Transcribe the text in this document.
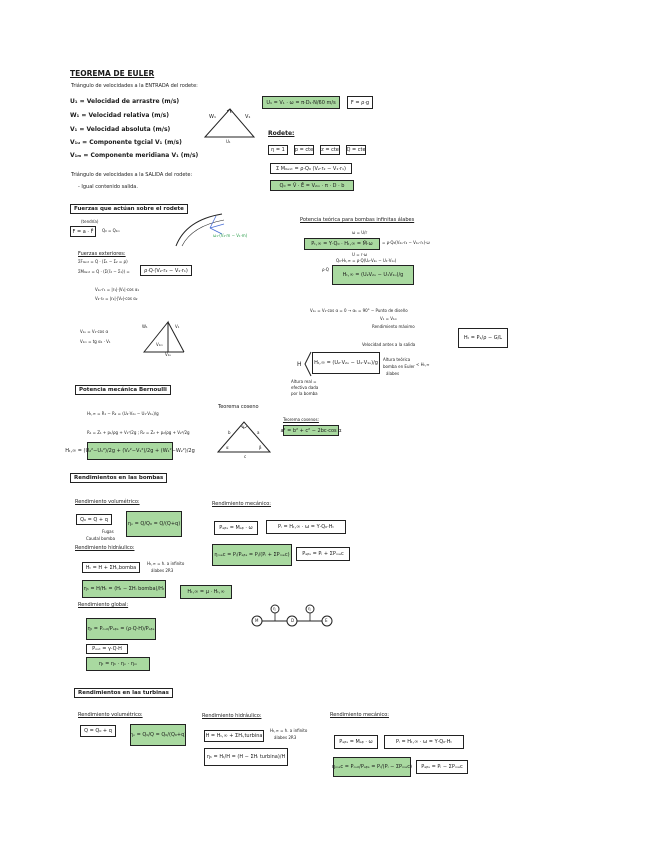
TEOREMA DE EULER
Triángulo de velocidades a la ENTRADA del rodete:
U₁ = Velocidad de arrastre (m/s)
W₁ = Velocidad relativa (m/s)
V₁ = Velocidad absoluta (m/s)
V₁ᵤ = Componente tgcial V₁ (m/s)
V₁ₘ = Componente meridiana V₁ (m/s)
W₁	V₁
U₁
U₁ = V₁ · ω = π·D₁·N/60 m/s	F = ρ·g
Rodete:
η = 1	p = cte z = cte Q = cte
Σ M₀ₑₓₜ = ρ·Q₀ (V₂·r₂ − V₁·r₁)
Q₀ = V̄ · Ē = V₂ₘ · π · D · b
Triángulo de velocidades a la SALIDA del rodete:
- Igual contenido salida.
Fuerzas que actúan sobre el rodete
(tendría)
F = a · F̄	Q₀ = Q₁ₘ
ω₁·(V₂·m − V₁·m)
Fuerzas exteriores:
ΣF₀ₑₓₜ = Q · (Σ₁ − Σ₂ = ρ)
ΣM₀ₑₓₜ = Q · (Σ(r̄₂ − Σ₁)) =	ρ·Q·(V₂·r₂ − V₁·r₁)
V₁ᵤ·r₁ = |r₁|·|V₁|·cos α₁
V₂·r₂ = |r₂|·|V₂|·cos α₂
V₁ᵤ = V₁·cos α
V₁ₘ = tg α₁ · V₁
W₁	V₁
V₁ₘ
V₁ᵤ
Potencia mecánica Bernoulli
Hₜ,∞ = R₁ − R₂ = (U₂·V₂ᵤ − U₁·V₁ᵤ)/g
R₁ = Z₁ + p₁/ρg + V₁²/2g ; R₂ = Z₂ + p₂/ρg + V₂²/2g
Hₜ,∞ = (U₂²−U₁²)/2g + (V₂²−V₁²)/2g + (W₁²−W₂²)/2g
Teorema coseno
b	a
c
α	β
γ
Teorema cosenos:
a² = b² + c² − 2bc·cos α
Potencia teórica para bombas infinitas álabes
ω = U/r
Pₜ,∞ = Y·Q₀ · Hₜ,∞ = M̄·ω	= ρ·Q₀(V₂ᵤ·r₂ − V₁ᵤ·r₁)·ω
U = r·ω
Q₀·Hₜ,∞ = ρ·Q(U₂·V₂ᵤ − U₁·V₁ᵤ)
ρ·Q
Hₜ,∞ = (U₂V₂ᵤ − U₁V₁ᵤ)/g
V₁ᵤ = V₁·cos α = 0 → α₁ = 90° − Punto de diseño
V₁ = V₁ₘ
Rendimiento máximo
Hₜ = P₁/ρ − G/L
Velocidad antes a la salida
H	Hₜ,∞ = (U₂·V₂ᵤ − U₁·V₁ᵤ)/g
Altura teórica
bomba en Euler
álabes
< Hₜ,∞
Altura real =
efectiva dada
por la bomba
Rendimientos en las bombas
Rendimiento volumétrico:
Q₀ = Q + q
Fugas
Caudal bomba
ηᵥ = Q/Q₀ = Q/(Q+q)
Rendimiento hidráulico:
Hₜ = H + ΣHᵢ,bomba
Hₜ,∞ = h. a infinito
álabes 2R3
ηₕ = H/Hₜ = (Hₜ − ΣHᵢ bomba)/Hₜ	Hₜ,∞ = μ · Hₜ,∞
Rendimiento global:
ηₜ = Pₒᵤₜ/Pₐᵦₛ = (ρ·Q·H)/Pₐᵦₛ
Pₒᵤₜ = γ·Q·H
ηₜ = ηₕ · ηᵥ · ηₘ
Rendimiento mecánico:
Pₐᵦₛ = Mₐᵦ · ω	Pᵢ = Hₜ,∞ · ω = Y·Q₀·Hₜ
ηₘₑc = Pᵢ/Pₐᵦₛ = Pᵢ/(Pᵢ + ΣPₘₑc)	Pₐᵦₛ = Pᵢ + ΣPₘₑc
M	D	E
η	η
Rendimientos en las turbinas
Rendimiento volumétrico:
Q = Q₀ + q
ηᵥ = Q₀/Q = Q₀/(Q₀+q)
Rendimiento hidráulico:
H = Hₜ,∞ + ΣHᵢ,turbina
Hₜ,∞ = h. a infinito
álabes 2R3
ηₕ = Hₜ/H = (H − ΣHᵢ turbina)/H
Rendimiento mecánico:
Pₐᵦₛ = Mₐᵦ · ω	Pᵢ = Hₜ,∞ · ω = Y·Q₀·Hₜ
ηₘₑc = Pₒᵤₜ/Pₐᵦₛ = Pᵢ/(Pᵢ − ΣPₘₑc)	Pₐᵦₛ = Pᵢ − ΣPₘₑc
